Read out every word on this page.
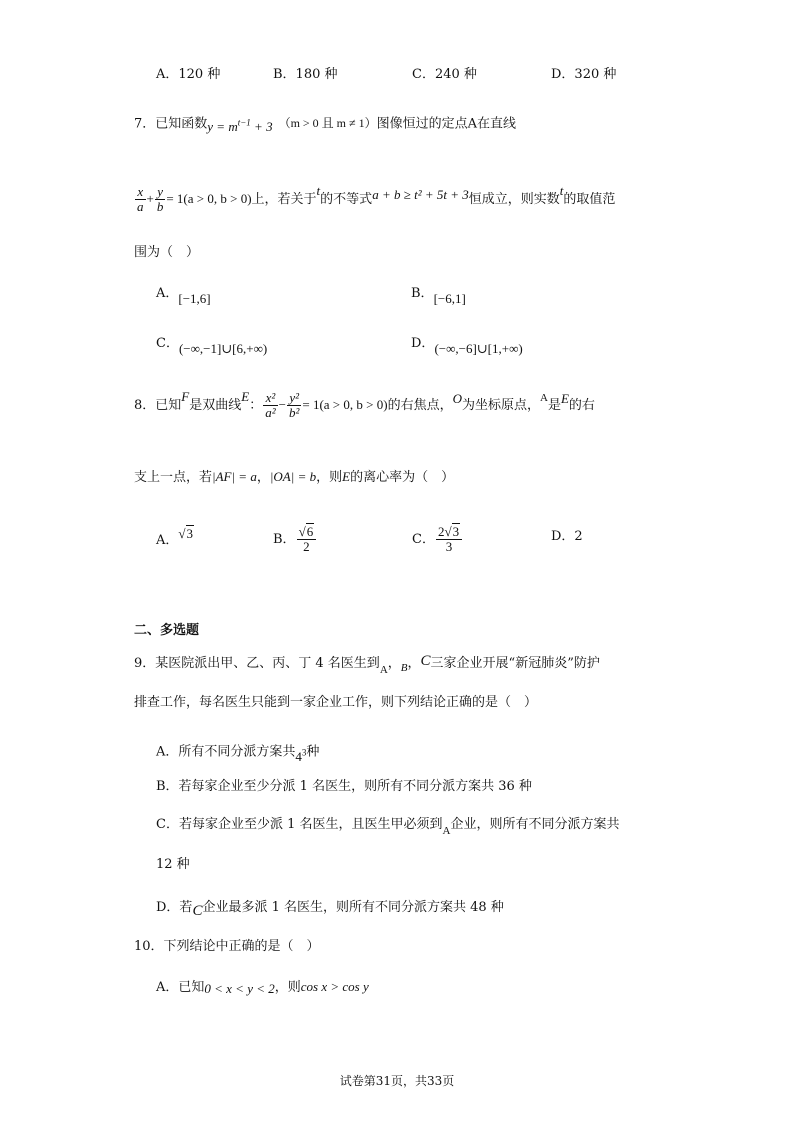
A．120 种	B．180 种	C．240 种	D．320 种
7．已知函数$y = m^{t-1} + 3$ （m > 0 且 m ≠ 1）图像恒过的定点A在直线
$\frac{x}{a} + \frac{y}{b} = 1(a > 0$, b > 0)上，若关于t的不等式a + b ≥ t² + 5t + 3恒成立，则实数t的取值范
围为（　）
A．[−1,6]	B．[−6,1]
C．(−∞,−1]∪[6,+∞)	D．(−∞,−6]∪[1,+∞)
8．已知F是双曲线E： $\frac{\text{x²}}{\text{a²}} - \frac{\text{y²}}{\text{b²}} = 1(a > 0$, b > 0)的右焦点，O为坐标原点，$^A$是E的右
支上一点，若|AF| = a，|OA| = b，则E的离心率为（　）
A．√3	B． $\frac{√6}{2}$	C． $\frac{2√3}{3}$	D．2
二、多选题
9．某医院派出甲、乙、丙、丁 4 名医生到$_A$，$_B$，C三家企业开展“新冠肺炎”防护
排查工作，每名医生只能到一家企业工作，则下列结论正确的是（　）
A．所有不同分派方案共$4^3$种
B．若每家企业至少分派 1 名医生，则所有不同分派方案共 36 种
C．若每家企业至少派 1 名医生，且医生甲必须到$_A$企业，则所有不同分派方案共
12 种
D．若C企业最多派 1 名医生，则所有不同分派方案共 48 种
10．下列结论中正确的是（　）
A．已知0 < x < y < 2，则cos x > cos y
试卷第31页，共33页
